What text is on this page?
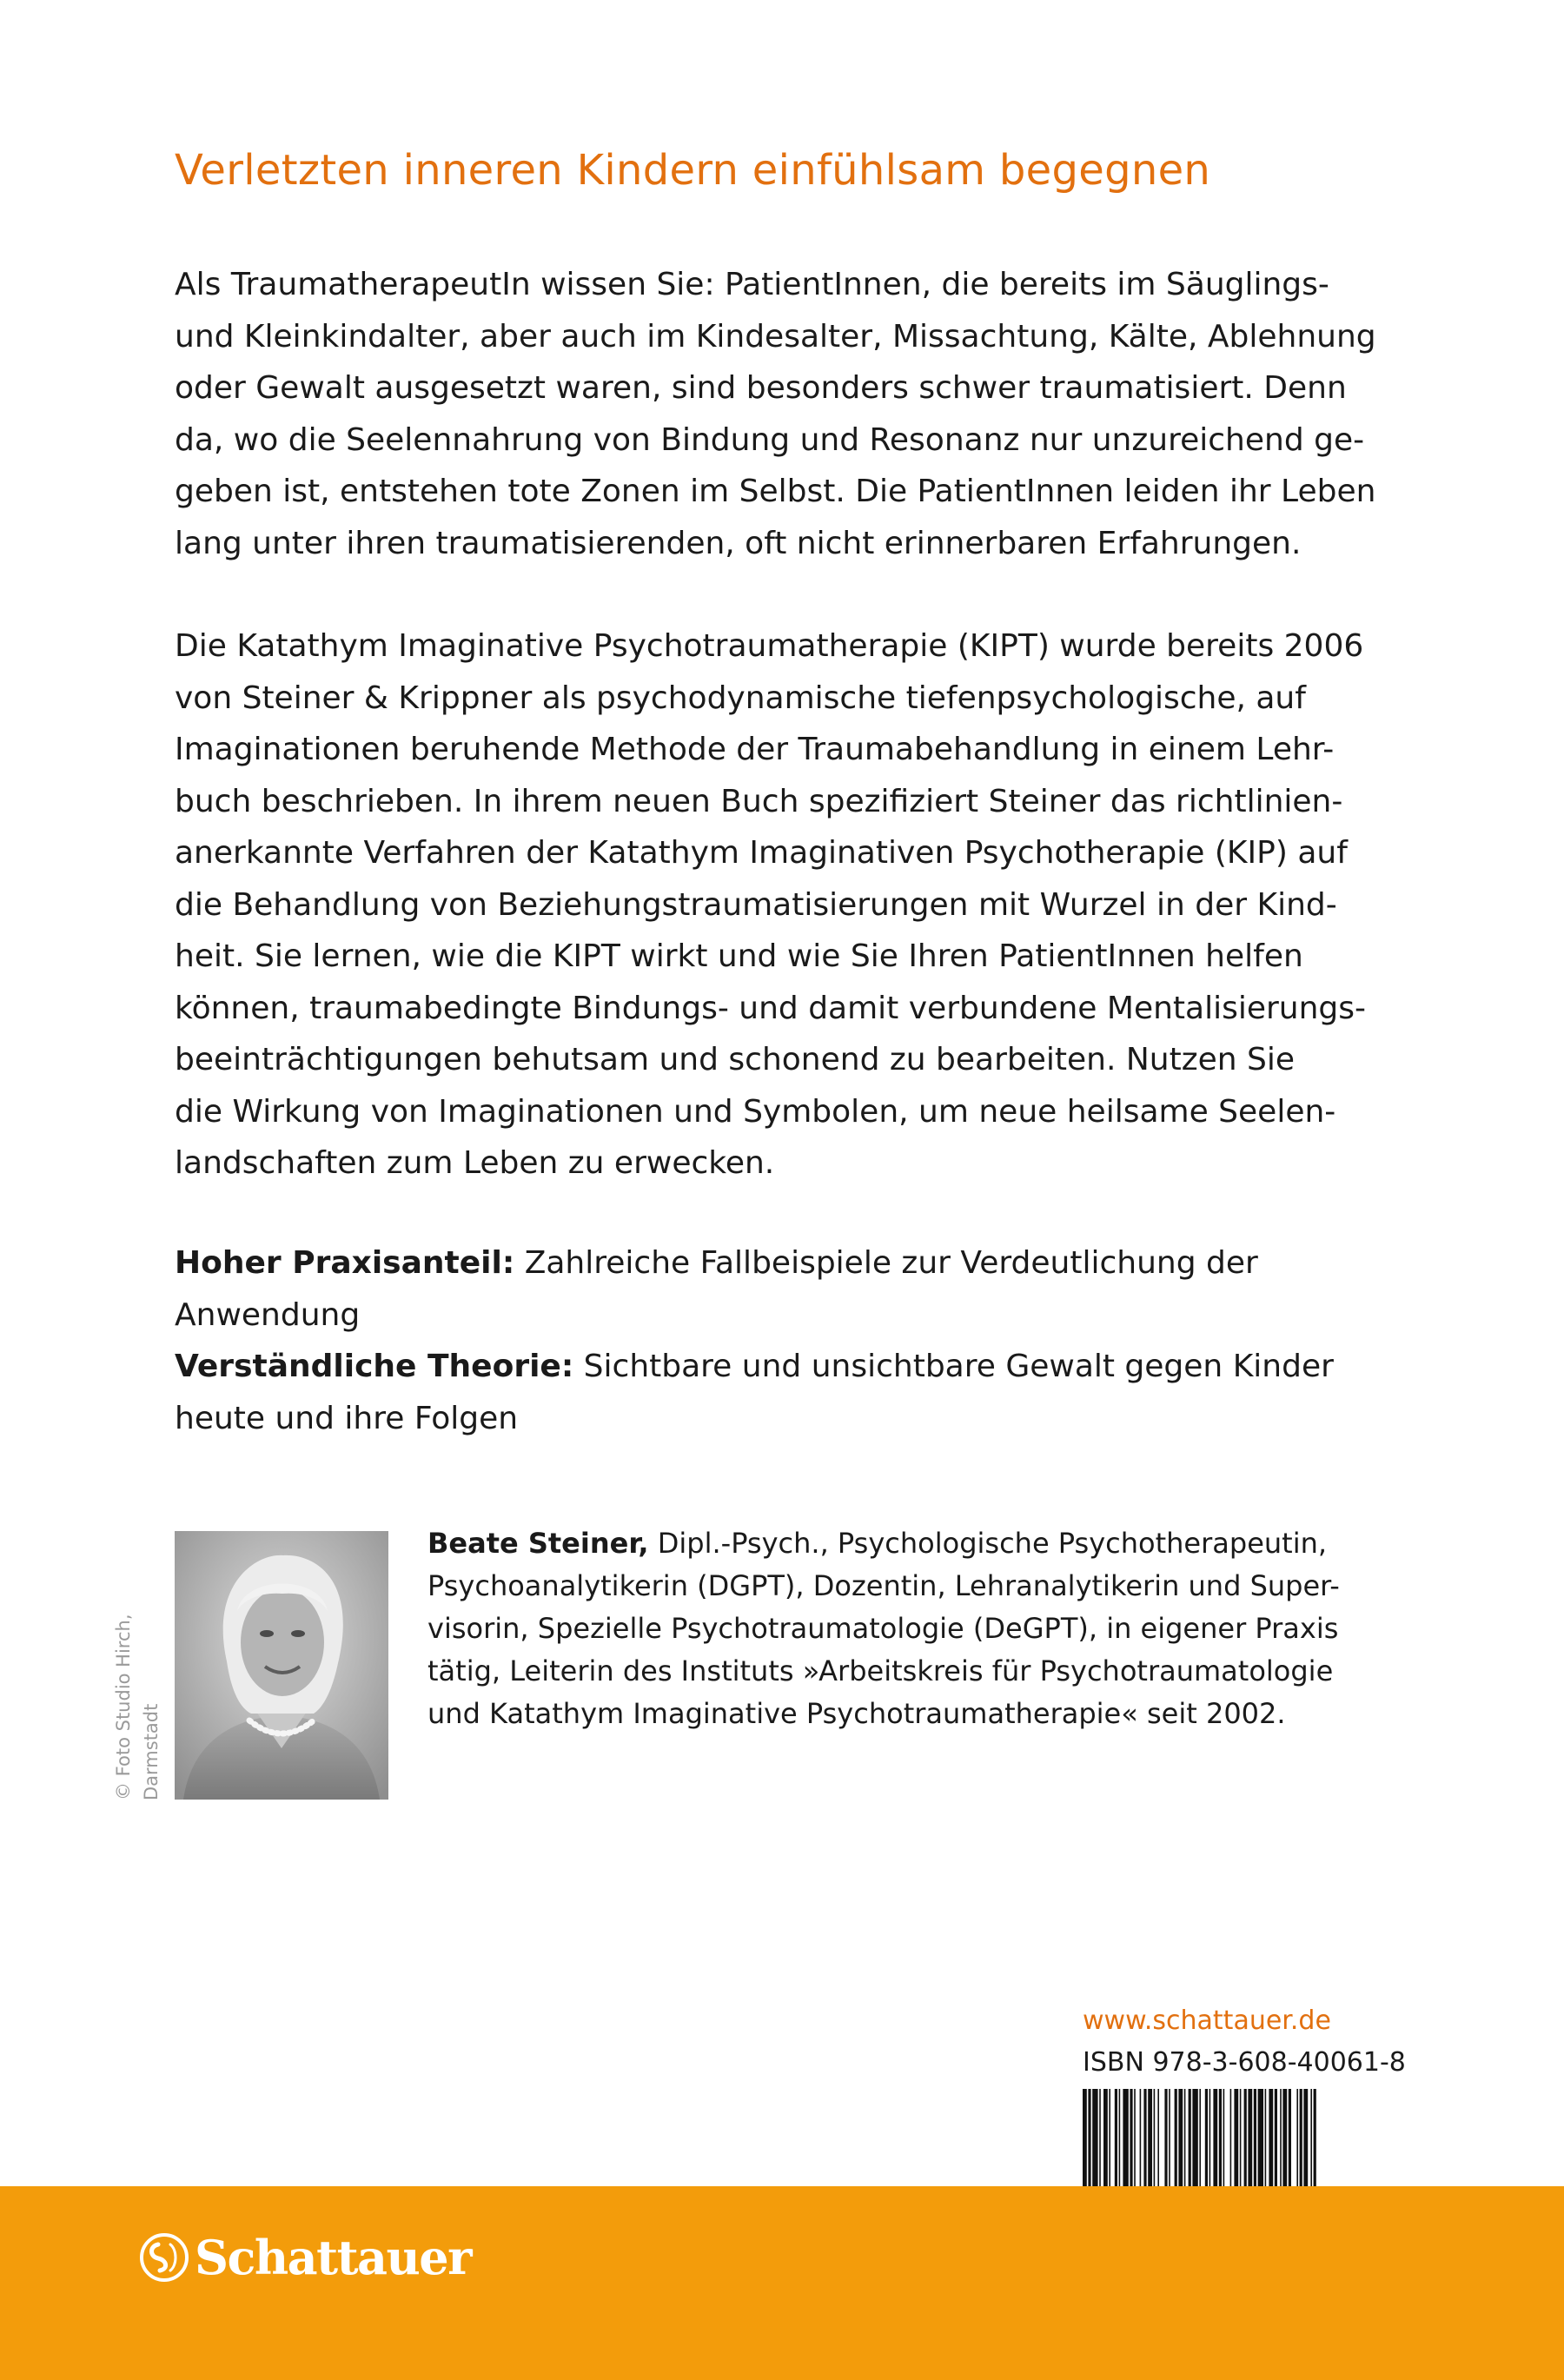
Verletzten inneren Kindern einfühlsam begegnen

Als TraumatherapeutIn wissen Sie: PatientInnen, die bereits im Säuglings-
und Kleinkindalter, aber auch im Kindesalter, Missachtung, Kälte, Ablehnung
oder Gewalt ausgesetzt waren, sind besonders schwer traumatisiert. Denn
da, wo die Seelennahrung von Bindung und Resonanz nur unzureichend ge-
geben ist, entstehen tote Zonen im Selbst. Die PatientInnen leiden ihr Leben
lang unter ihren traumatisierenden, oft nicht erinnerbaren Erfahrungen.

Die Katathym Imaginative Psychotraumatherapie (KIPT) wurde bereits 2006
von Steiner & Krippner als psychodynamische tiefenpsychologische, auf
Imaginationen beruhende Methode der Traumabehandlung in einem Lehr-
buch beschrieben. In ihrem neuen Buch spezifiziert Steiner das richtlinien-
anerkannte Verfahren der Katathym Imaginativen Psychotherapie (KIP) auf
die Behandlung von Beziehungstraumatisierungen mit Wurzel in der Kind-
heit. Sie lernen, wie die KIPT wirkt und wie Sie Ihren PatientInnen helfen
können, traumabedingte Bindungs- und damit verbundene Mentalisierungs-
beeinträchtigungen behutsam und schonend zu bearbeiten. Nutzen Sie
die Wirkung von Imaginationen und Symbolen, um neue heilsame Seelen-
landschaften zum Leben zu erwecken.

Hoher Praxisanteil: Zahlreiche Fallbeispiele zur Verdeutlichung der
Anwendung
Verständliche Theorie: Sichtbare und unsichtbare Gewalt gegen Kinder
heute und ihre Folgen
© Foto Studio Hirch, Darmstadt
Beate Steiner, Dipl.-Psych., Psychologische Psychotherapeutin,
Psychoanalytikerin (DGPT), Dozentin, Lehranalytikerin und Super-
visorin, Spezielle Psychotraumatologie (DeGPT), in eigener Praxis
tätig, Leiterin des Instituts »Arbeitskreis für Psychotraumatologie
und Katathym Imaginative Psychotraumatherapie« seit 2002.
www.schattauer.de
ISBN 978-3-608-40061-8
Schattauer
